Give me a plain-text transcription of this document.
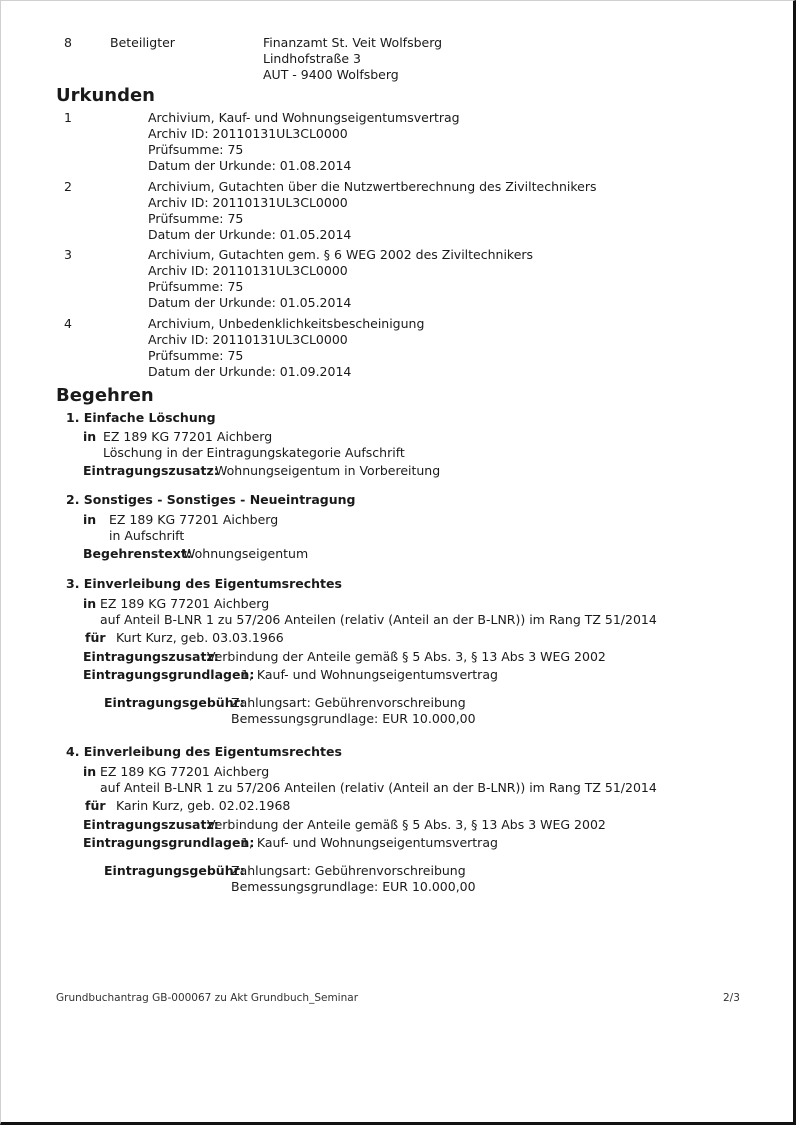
8	Beteiligter	Finanzamt St. Veit Wolfsberg
Lindhofstraße 3
AUT - 9400 Wolfsberg
Urkunden
1	Archivium, Kauf- und Wohnungseigentumsvertrag
Archiv ID: 20110131UL3CL0000
Prüfsumme: 75
Datum der Urkunde: 01.08.2014
2	Archivium, Gutachten über die Nutzwertberechnung des Ziviltechnikers
Archiv ID: 20110131UL3CL0000
Prüfsumme: 75
Datum der Urkunde: 01.05.2014
3	Archivium, Gutachten gem. § 6 WEG 2002 des Ziviltechnikers
Archiv ID: 20110131UL3CL0000
Prüfsumme: 75
Datum der Urkunde: 01.05.2014
4	Archivium, Unbedenklichkeitsbescheinigung
Archiv ID: 20110131UL3CL0000
Prüfsumme: 75
Datum der Urkunde: 01.09.2014
Begehren
1. Einfache Löschung
in EZ 189 KG 77201 Aichberg
Löschung in der Eintragungskategorie Aufschrift
Eintragungszusatz:
Wohnungseigentum in Vorbereitung
2. Sonstiges - Sonstiges - Neueintragung
in EZ 189 KG 77201 Aichberg
in Aufschrift
Begehrenstext:
Wohnungseigentum
3. Einverleibung des Eigentumsrechtes
in EZ 189 KG 77201 Aichberg
auf Anteil B-LNR 1 zu 57/206 Anteilen (relativ (Anteil an der B-LNR)) im Rang TZ 51/2014
für Kurt Kurz, geb. 03.03.1966
Eintragungszusatz:
Verbindung der Anteile gemäß § 5 Abs. 3, § 13 Abs 3 WEG 2002
Eintragungsgrundlagen:
1, Kauf- und Wohnungseigentumsvertrag
Eintragungsgebühr:
Zahlungsart: Gebührenvorschreibung
Bemessungsgrundlage: EUR 10.000,00
4. Einverleibung des Eigentumsrechtes
in EZ 189 KG 77201 Aichberg
auf Anteil B-LNR 1 zu 57/206 Anteilen (relativ (Anteil an der B-LNR)) im Rang TZ 51/2014
für Karin Kurz, geb. 02.02.1968
Eintragungszusatz:
Verbindung der Anteile gemäß § 5 Abs. 3, § 13 Abs 3 WEG 2002
Eintragungsgrundlagen:
1, Kauf- und Wohnungseigentumsvertrag
Eintragungsgebühr:
Zahlungsart: Gebührenvorschreibung
Bemessungsgrundlage: EUR 10.000,00
Grundbuchantrag GB-000067 zu Akt Grundbuch_Seminar	2/3
